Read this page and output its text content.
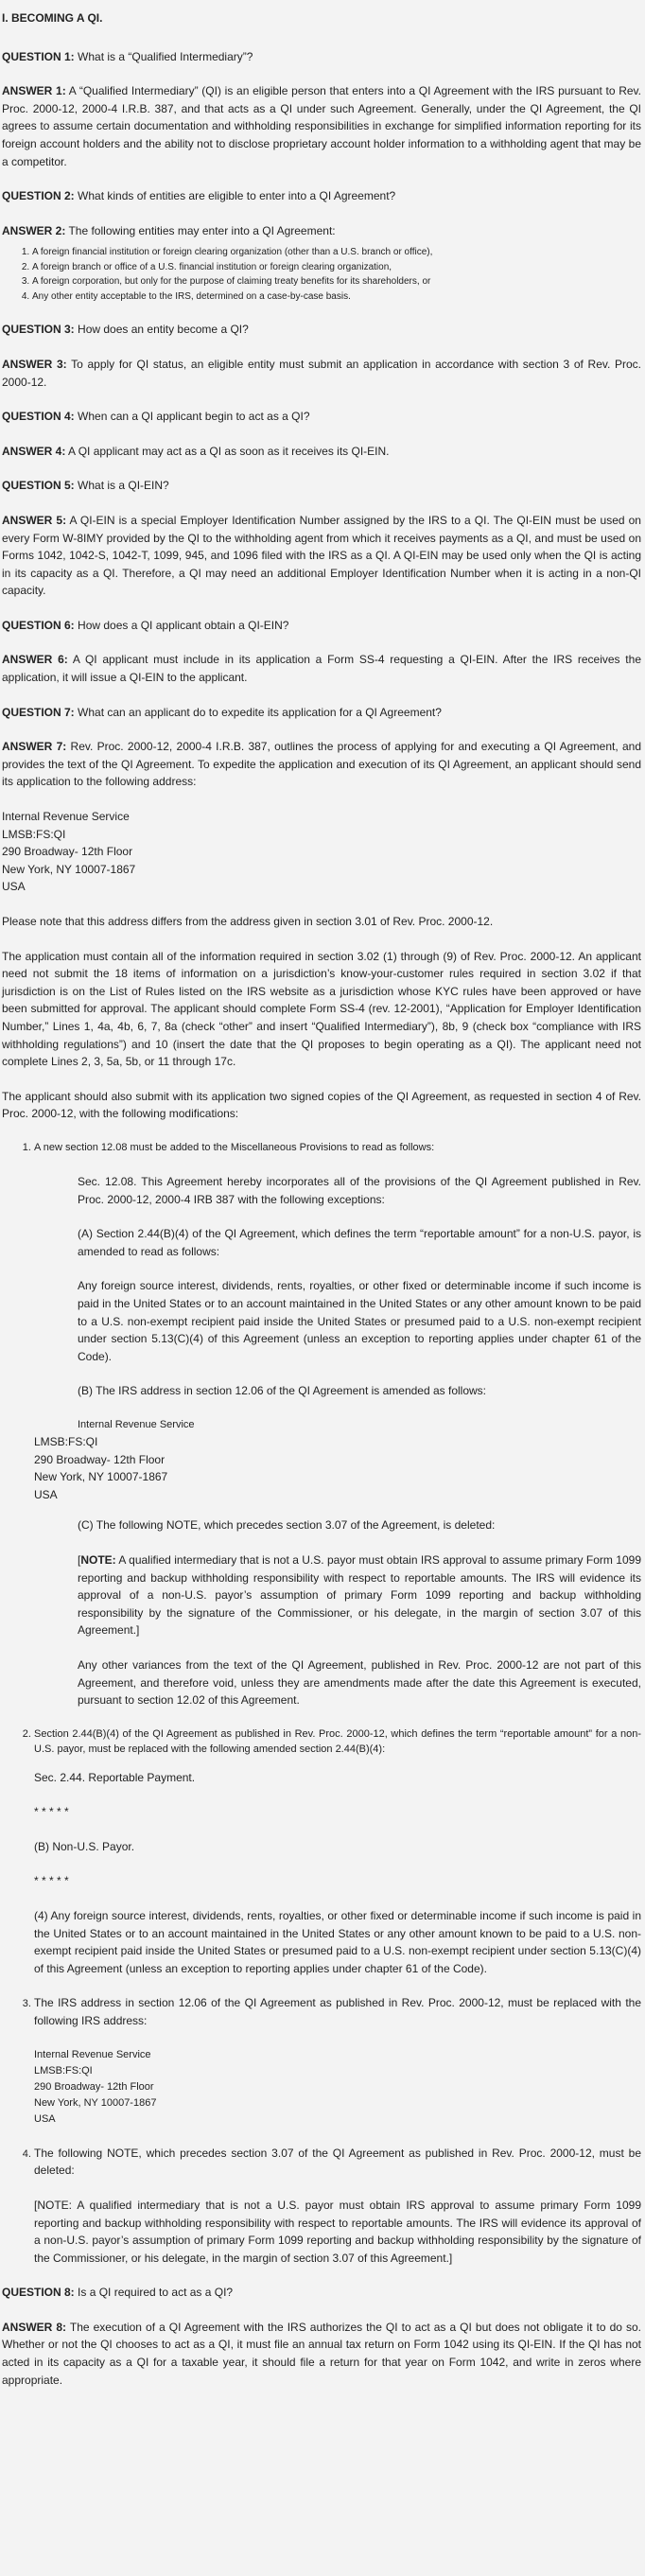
I. BECOMING A QI.

QUESTION 1: What is a “Qualified Intermediary”?

ANSWER 1: A “Qualified Intermediary” (QI) is an eligible person that enters into a QI Agreement with the IRS pursuant to Rev. Proc. 2000-12, 2000-4 I.R.B. 387, and that acts as a QI under such Agreement. Generally, under the QI Agreement, the QI agrees to assume certain documentation and withholding responsibilities in exchange for simplified information reporting for its foreign account holders and the ability not to disclose proprietary account holder information to a withholding agent that may be a competitor.

QUESTION 2: What kinds of entities are eligible to enter into a QI Agreement?

ANSWER 2: The following entities may enter into a QI Agreement:

1. A foreign financial institution or foreign clearing organization (other than a U.S. branch or office),
2. A foreign branch or office of a U.S. financial institution or foreign clearing organization,
3. A foreign corporation, but only for the purpose of claiming treaty benefits for its shareholders, or
4. Any other entity acceptable to the IRS, determined on a case-by-case basis.

QUESTION 3: How does an entity become a QI?

ANSWER 3: To apply for QI status, an eligible entity must submit an application in accordance with section 3 of Rev. Proc. 2000-12.

QUESTION 4: When can a QI applicant begin to act as a QI?

ANSWER 4: A QI applicant may act as a QI as soon as it receives its QI-EIN.

QUESTION 5: What is a QI-EIN?

ANSWER 5: A QI-EIN is a special Employer Identification Number assigned by the IRS to a QI. The QI-EIN must be used on every Form W-8IMY provided by the QI to the withholding agent from which it receives payments as a QI, and must be used on Forms 1042, 1042-S, 1042-T, 1099, 945, and 1096 filed with the IRS as a QI. A QI-EIN may be used only when the QI is acting in its capacity as a QI. Therefore, a QI may need an additional Employer Identification Number when it is acting in a non-QI capacity.

QUESTION 6: How does a QI applicant obtain a QI-EIN?

ANSWER 6: A QI applicant must include in its application a Form SS-4 requesting a QI-EIN. After the IRS receives the application, it will issue a QI-EIN to the applicant.

QUESTION 7: What can an applicant do to expedite its application for a QI Agreement?

ANSWER 7: Rev. Proc. 2000-12, 2000-4 I.R.B. 387, outlines the process of applying for and executing a QI Agreement, and provides the text of the QI Agreement. To expedite the application and execution of its QI Agreement, an applicant should send its application to the following address:

Internal Revenue Service
LMSB:FS:QI
290 Broadway- 12th Floor
New York, NY 10007-1867
USA

Please note that this address differs from the address given in section 3.01 of Rev. Proc. 2000-12.

The application must contain all of the information required in section 3.02 (1) through (9) of Rev. Proc. 2000-12. An applicant need not submit the 18 items of information on a jurisdiction’s know-your-customer rules required in section 3.02 if that jurisdiction is on the List of Rules listed on the IRS website as a jurisdiction whose KYC rules have been approved or have been submitted for approval. The applicant should complete Form SS-4 (rev. 12-2001), “Application for Employer Identification Number,” Lines 1, 4a, 4b, 6, 7, 8a (check “other” and insert “Qualified Intermediary”), 8b, 9 (check box “compliance with IRS withholding regulations”) and 10 (insert the date that the QI proposes to begin operating as a QI). The applicant need not complete Lines 2, 3, 5a, 5b, or 11 through 17c.

The applicant should also submit with its application two signed copies of the QI Agreement, as requested in section 4 of Rev. Proc. 2000-12, with the following modifications:

1. A new section 12.08 must be added to the Miscellaneous Provisions to read as follows:

Sec. 12.08. This Agreement hereby incorporates all of the provisions of the QI Agreement published in Rev. Proc. 2000-12, 2000-4 IRB 387 with the following exceptions:

(A) Section 2.44(B)(4) of the QI Agreement, which defines the term “reportable amount” for a non-U.S. payor, is amended to read as follows:

Any foreign source interest, dividends, rents, royalties, or other fixed or determinable income if such income is paid in the United States or to an account maintained in the United States or any other amount known to be paid to a U.S. non-exempt recipient paid inside the United States or presumed paid to a U.S. non-exempt recipient under section 5.13(C)(4) of this Agreement (unless an exception to reporting applies under chapter 61 of the Code).

(B) The IRS address in section 12.06 of the QI Agreement is amended as follows:

Internal Revenue Service
LMSB:FS:QI
290 Broadway- 12th Floor
New York, NY 10007-1867
USA

(C) The following NOTE, which precedes section 3.07 of the Agreement, is deleted:

[NOTE: A qualified intermediary that is not a U.S. payor must obtain IRS approval to assume primary Form 1099 reporting and backup withholding responsibility with respect to reportable amounts. The IRS will evidence its approval of a non-U.S. payor’s assumption of primary Form 1099 reporting and backup withholding responsibility by the signature of the Commissioner, or his delegate, in the margin of section 3.07 of this Agreement.]

Any other variances from the text of the QI Agreement, published in Rev. Proc. 2000-12 are not part of this Agreement, and therefore void, unless they are amendments made after the date this Agreement is executed, pursuant to section 12.02 of this Agreement.

2. Section 2.44(B)(4) of the QI Agreement as published in Rev. Proc. 2000-12, which defines the term “reportable amount” for a non-U.S. payor, must be replaced with the following amended section 2.44(B)(4):

Sec. 2.44. Reportable Payment.

* * * * *

(B) Non-U.S. Payor.

* * * * *

(4) Any foreign source interest, dividends, rents, royalties, or other fixed or determinable income if such income is paid in the United States or to an account maintained in the United States or any other amount known to be paid to a U.S. non-exempt recipient paid inside the United States or presumed paid to a U.S. non-exempt recipient under section 5.13(C)(4) of this Agreement (unless an exception to reporting applies under chapter 61 of the Code).

3. The IRS address in section 12.06 of the QI Agreement as published in Rev. Proc. 2000-12, must be replaced with the following IRS address:

Internal Revenue Service
LMSB:FS:QI
290 Broadway- 12th Floor
New York, NY 10007-1867
USA

4. The following NOTE, which precedes section 3.07 of the QI Agreement as published in Rev. Proc. 2000-12, must be deleted:

[NOTE: A qualified intermediary that is not a U.S. payor must obtain IRS approval to assume primary Form 1099 reporting and backup withholding responsibility with respect to reportable amounts. The IRS will evidence its approval of a non-U.S. payor’s assumption of primary Form 1099 reporting and backup withholding responsibility by the signature of the Commissioner, or his delegate, in the margin of section 3.07 of this Agreement.]

QUESTION 8: Is a QI required to act as a QI?

ANSWER 8: The execution of a QI Agreement with the IRS authorizes the QI to act as a QI but does not obligate it to do so. Whether or not the QI chooses to act as a QI, it must file an annual tax return on Form 1042 using its QI-EIN. If the QI has not acted in its capacity as a QI for a taxable year, it should file a return for that year on Form 1042, and write in zeros where appropriate.
